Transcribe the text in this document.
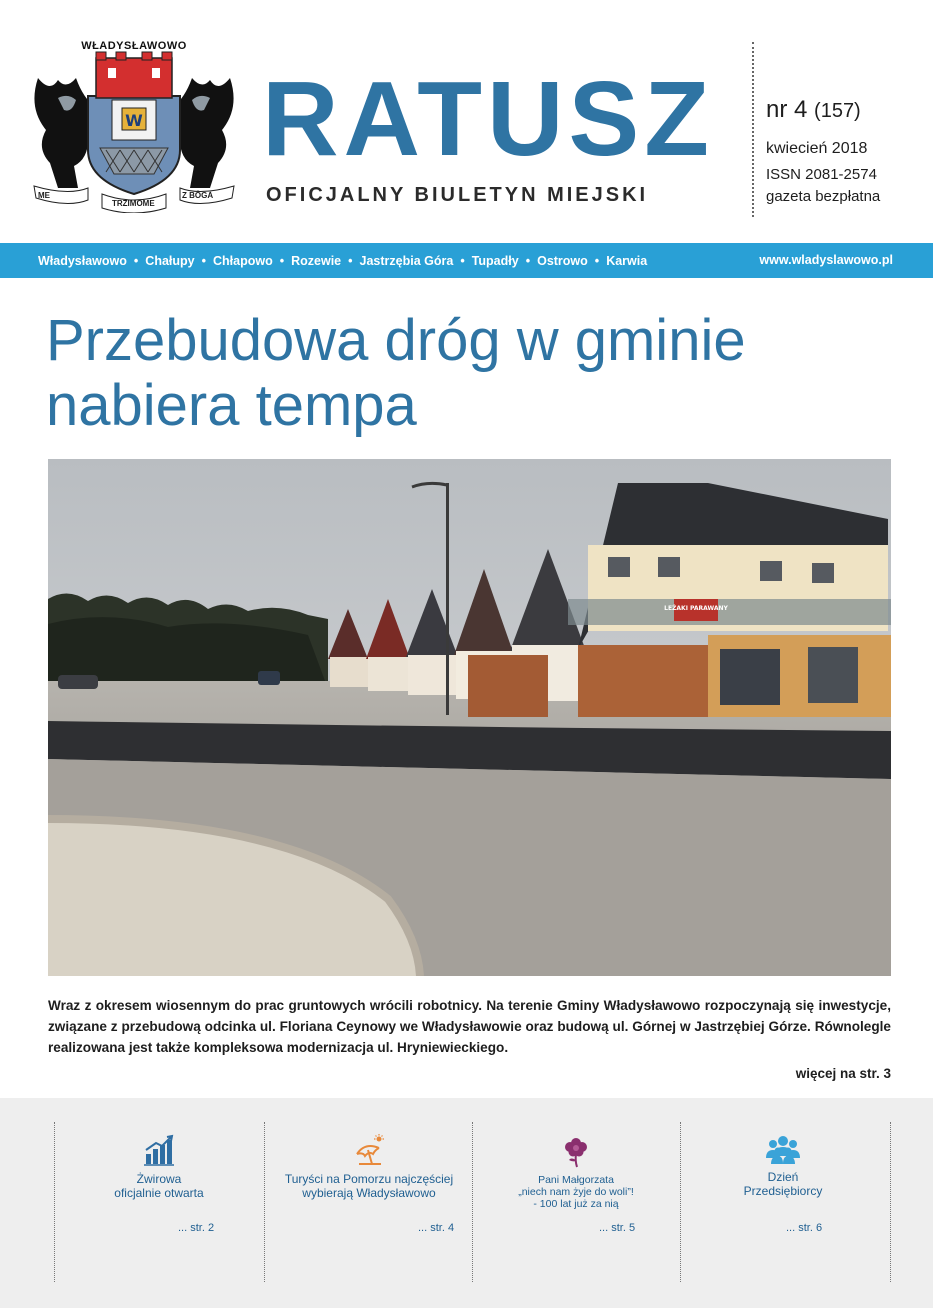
W
WŁADYSŁAWOWO
ME
TRZIMOME
Z BÔGĂ
RATUSZ
OFICJALNY BIULETYN MIEJSKI
nr 4 (157)
kwiecień 2018
ISSN 2081-2574
gazeta bezpłatna
Władysławowo • Chałupy • Chłapowo • Rozewie • Jastrzębia Góra • Tupadły • Ostrowo • Karwia	www.wladyslawowo.pl
Przebudowa dróg w gminie
nabiera tempa
LEŻAKI PARAWANY
Wraz z okresem wiosennym do prac gruntowych wrócili robotnicy. Na terenie Gminy Władysławowo rozpoczynają się inwestycje, związane z przebudową odcinka ul. Floriana Ceynowy we Władysławowie oraz budową ul. Górnej w Jastrzębiej Górze. Równolegle realizowana jest także kompleksowa modernizacja ul. Hryniewieckiego.
więcej na str. 3
Żwirowa
oficjalnie otwarta
... str. 2
Turyści na Pomorzu najczęściej
wybierają Władysławowo
... str. 4
Pani Małgorzata
„niech nam żyje do woli”!
- 100 lat już za nią
... str. 5
Dzień
Przedsiębiorcy
... str. 6
